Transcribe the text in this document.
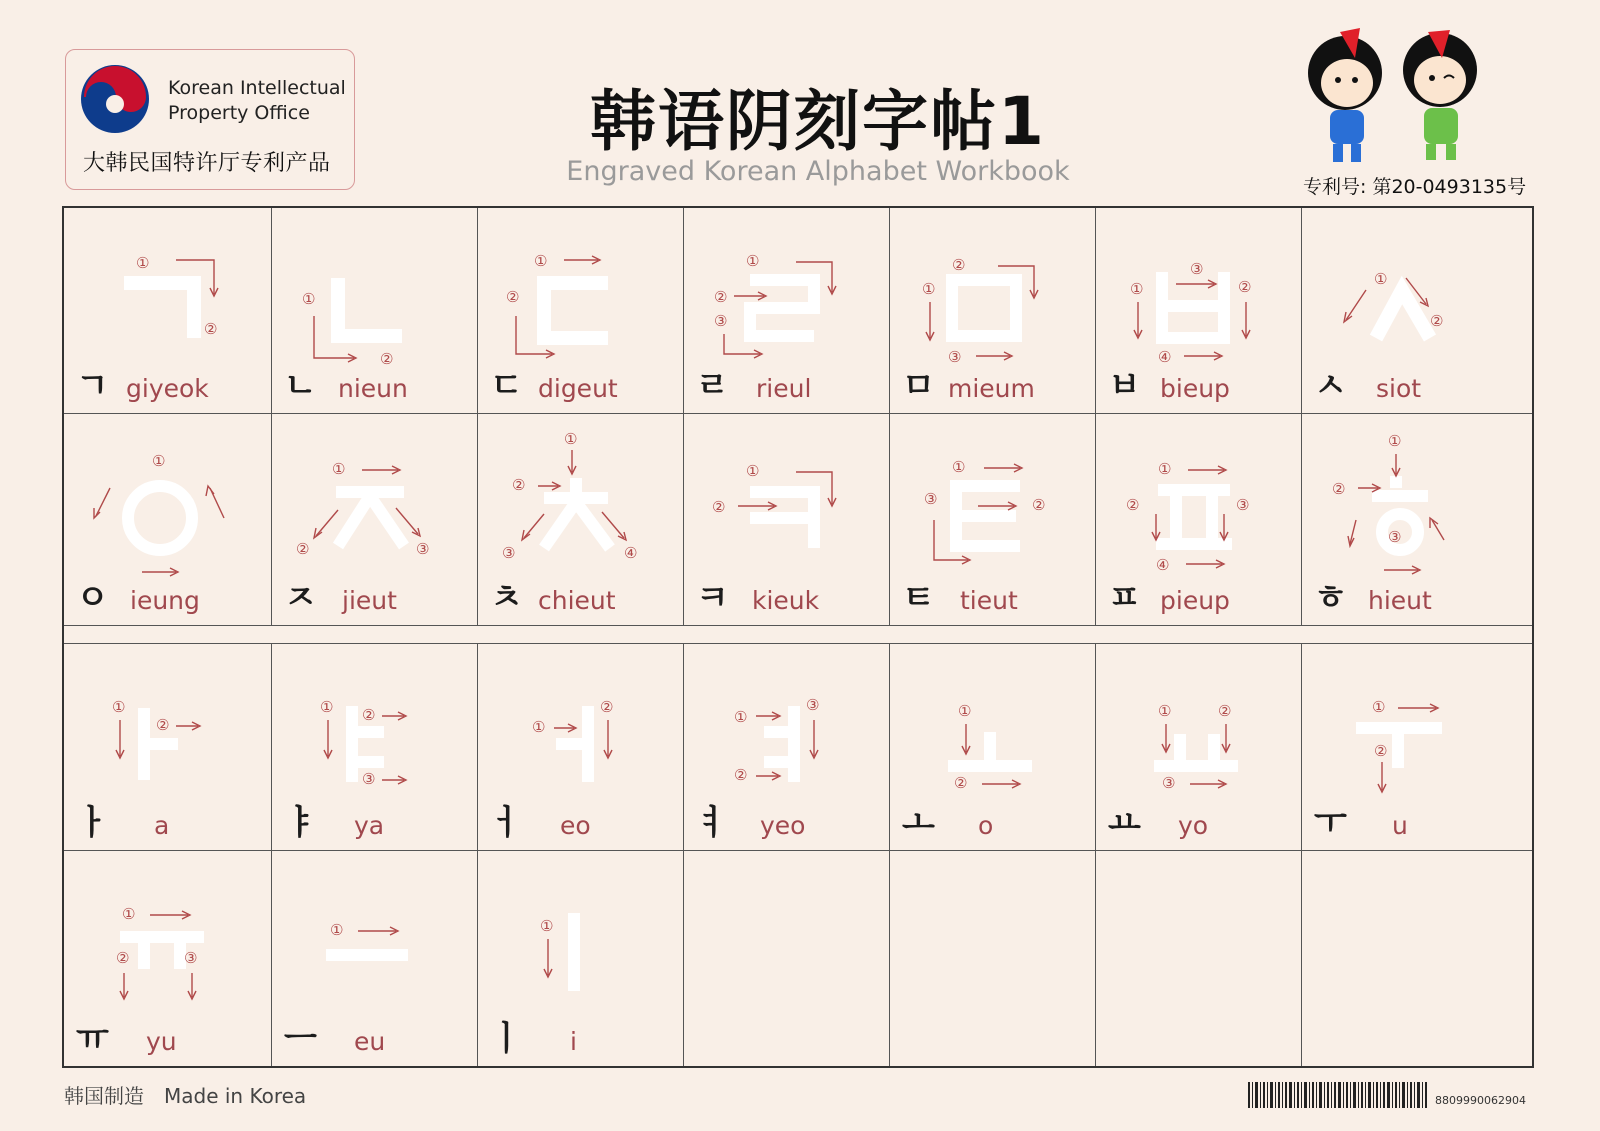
Korean Intellectual
Property Office
大韩民国特许厅专利产品
韩语阴刻字帖1
Engraved Korean Alphabet Workbook	专利号: 第20-0493135号
①
②
ㄱ giyeok
①
②
ㄴ nieun
①
②
ㄷ digeut
①
②
③
ㄹ rieul
②
①
③
ㅁ mieum
③
①	②
④
ㅂ bieup
①
②
ㅅ siot
①
ㅇ ieung
①
②	③
ㅈ jieut
①
②
③	④
ㅊ chieut
①
②
ㅋ kieuk
①
③	②
ㅌ tieut
①
②	③
④
ㅍ pieup
①
②
③
ㅎ hieut
①
②
ㅏ a
① ②
③
ㅑ ya
①
②
ㅓ eo
①
③
②
ㅕ yeo
①
②
ㅗ o
①	②
③
ㅛ yo
①
②
ㅜ u
①
②	③
ㅠ yu
①
ㅡ eu
①
ㅣ i
韩国制造　Made in Korea	8809990062904
